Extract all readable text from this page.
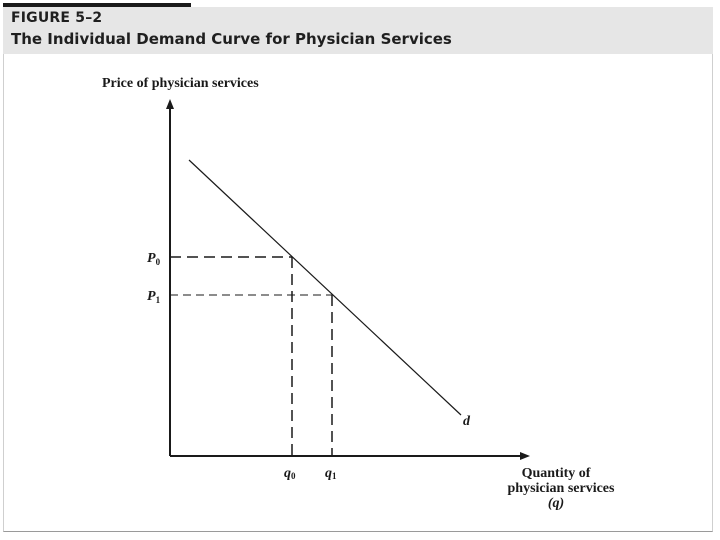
FIGURE 5–2
The Individual Demand Curve for Physician Services
Price of physician services
$P_0$
$P_1$
q0 q1
d
Quantity of
physician services
(q)
